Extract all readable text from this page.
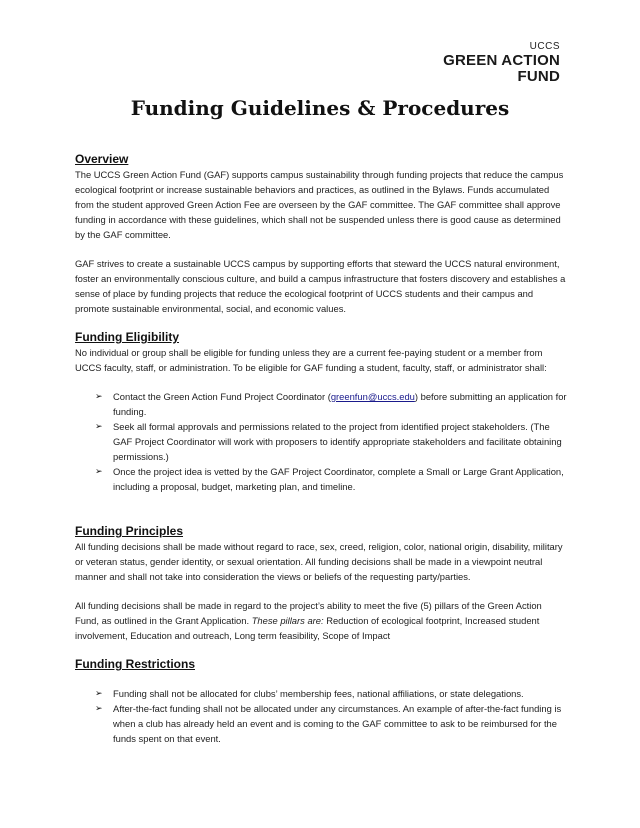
UCCS
GREEN ACTION
FUND
Funding Guidelines & Procedures
Overview

The UCCS Green Action Fund (GAF) supports campus sustainability through funding projects that reduce the campus ecological footprint or increase sustainable behaviors and practices, as outlined in the Bylaws. Funds accumulated from the student approved Green Action Fee are overseen by the GAF committee. The GAF committee shall approve funding in accordance with these guidelines, which shall not be suspended unless there is good cause as determined by the GAF committee.

GAF strives to create a sustainable UCCS campus by supporting efforts that steward the UCCS natural environment, foster an environmentally conscious culture, and build a campus infrastructure that fosters discovery and establishes a sense of place by funding projects that reduce the ecological footprint of UCCS students and their campus and promote sustainable environmental, social, and economic values.

Funding Eligibility

No individual or group shall be eligible for funding unless they are a current fee-paying student or a member from UCCS faculty, staff, or administration. To be eligible for GAF funding a student, faculty, staff, or administrator shall:

➢ Contact the Green Action Fund Project Coordinator (greenfun@uccs.edu) before submitting an application for funding.
➢ Seek all formal approvals and permissions related to the project from identified project stakeholders. (The GAF Project Coordinator will work with proposers to identify appropriate stakeholders and facilitate obtaining permissions.)
➢ Once the project idea is vetted by the GAF Project Coordinator, complete a Small or Large Grant Application, including a proposal, budget, marketing plan, and timeline.
Funding Principles

All funding decisions shall be made without regard to race, sex, creed, religion, color, national origin, disability, military or veteran status, gender identity, or sexual orientation. All funding decisions shall be made in a viewpoint neutral manner and shall not take into consideration the views or beliefs of the requesting party/parties.

All funding decisions shall be made in regard to the project’s ability to meet the five (5) pillars of the Green Action Fund, as outlined in the Grant Application. These pillars are: Reduction of ecological footprint, Increased student involvement, Education and outreach, Long term feasibility, Scope of Impact

Funding Restrictions
➢ Funding shall not be allocated for clubs’ membership fees, national affiliations, or state delegations.
➢ After-the-fact funding shall not be allocated under any circumstances. An example of after-the-fact funding is when a club has already held an event and is coming to the GAF committee to ask to be reimbursed for the funds spent on that event.
